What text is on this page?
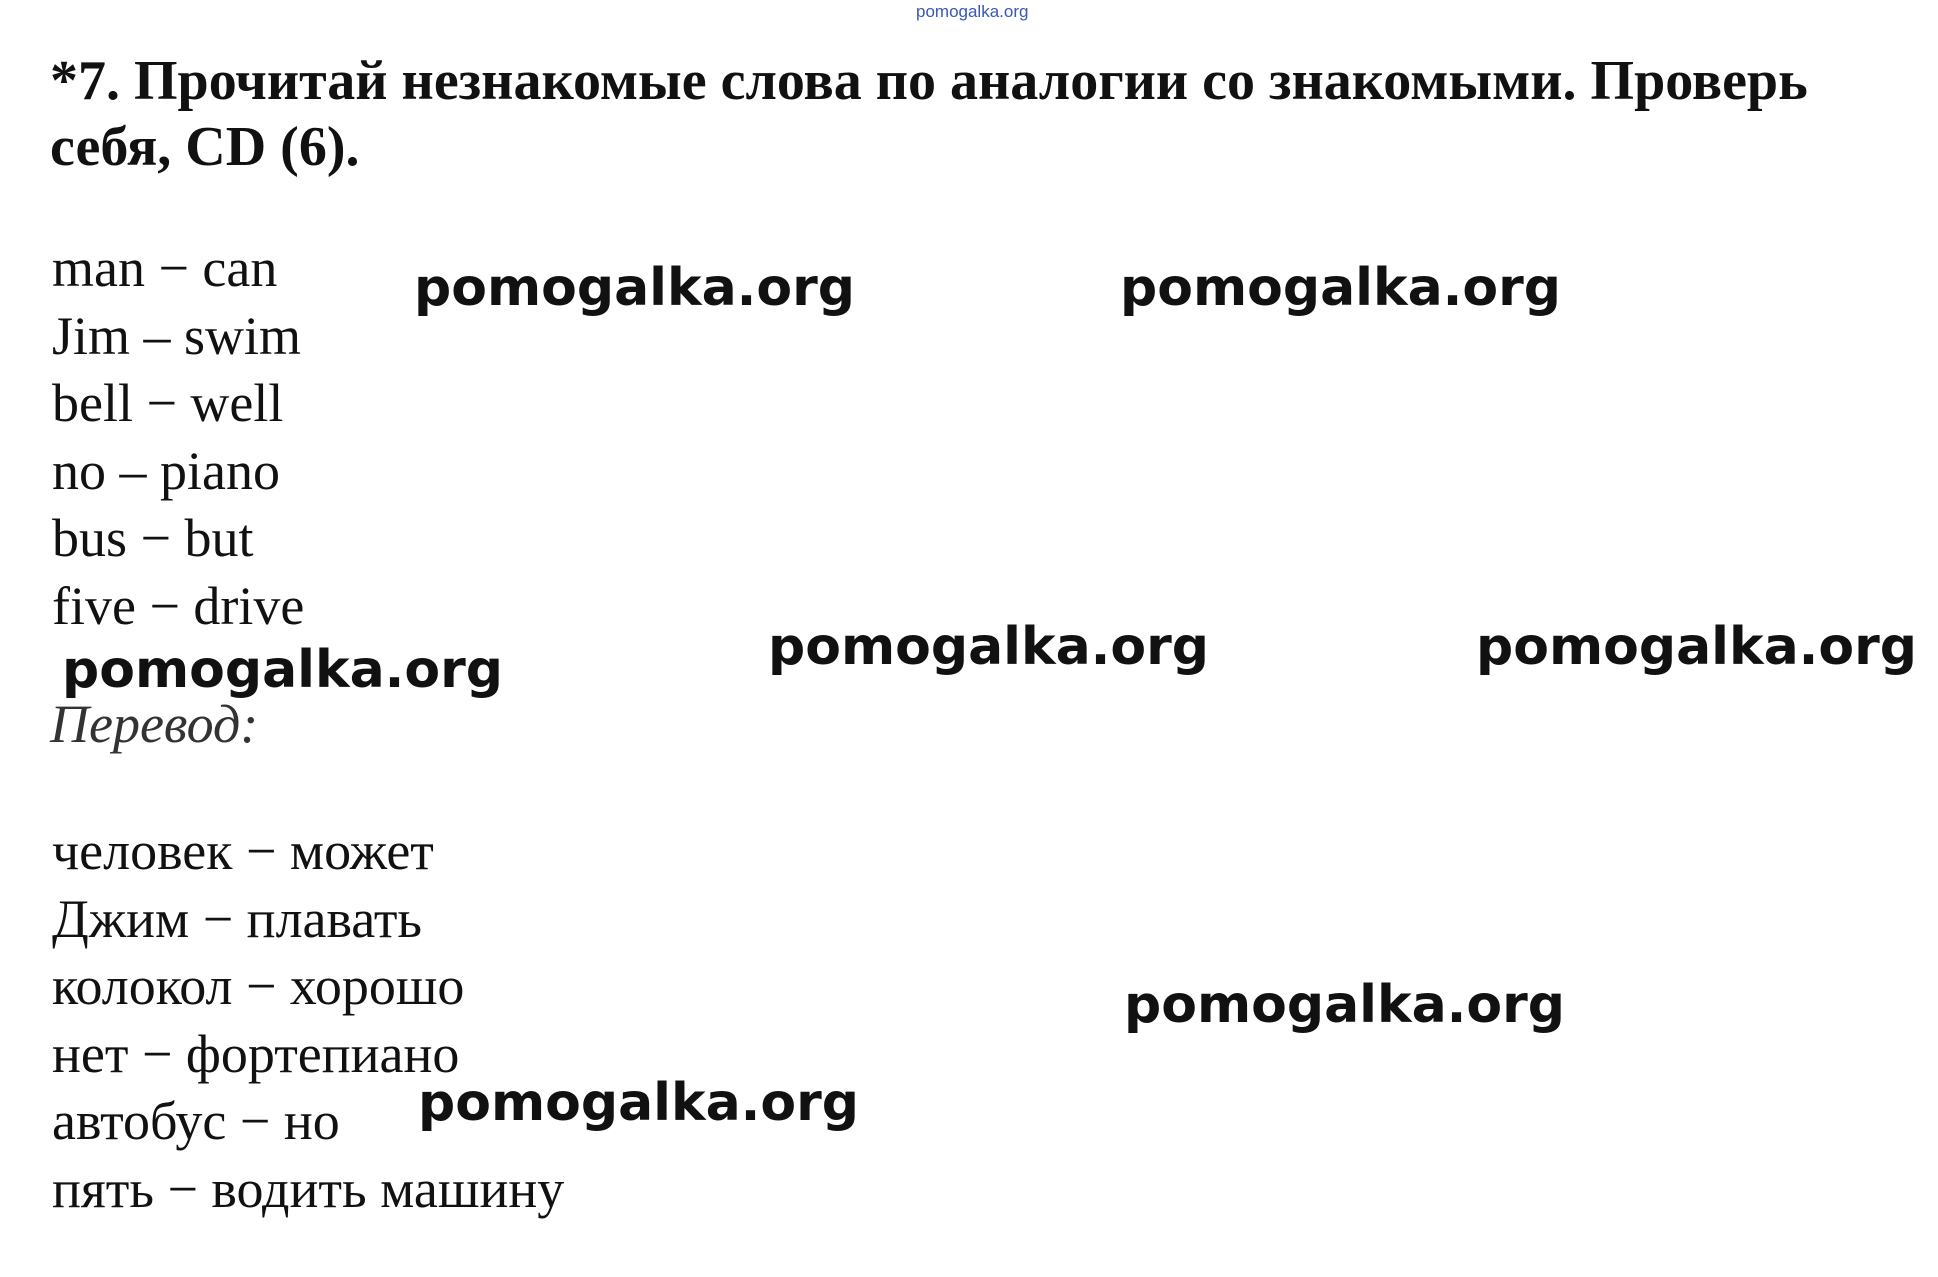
pomogalka.org
*7. Прочитай незнакомые слова по аналогии со знакомыми. Проверь себя, CD (6).
man − can
Jim – swim
bell − well
no – piano
bus − but
five − drive
Перевод:
человек − может
Джим − плавать
колокол − хорошо
нет − фортепиано
автобус − но
пять − водить машину
pomogalka.org	pomogalka.org
pomogalka.org	pomogalka.org	pomogalka.org
pomogalka.org
pomogalka.org
